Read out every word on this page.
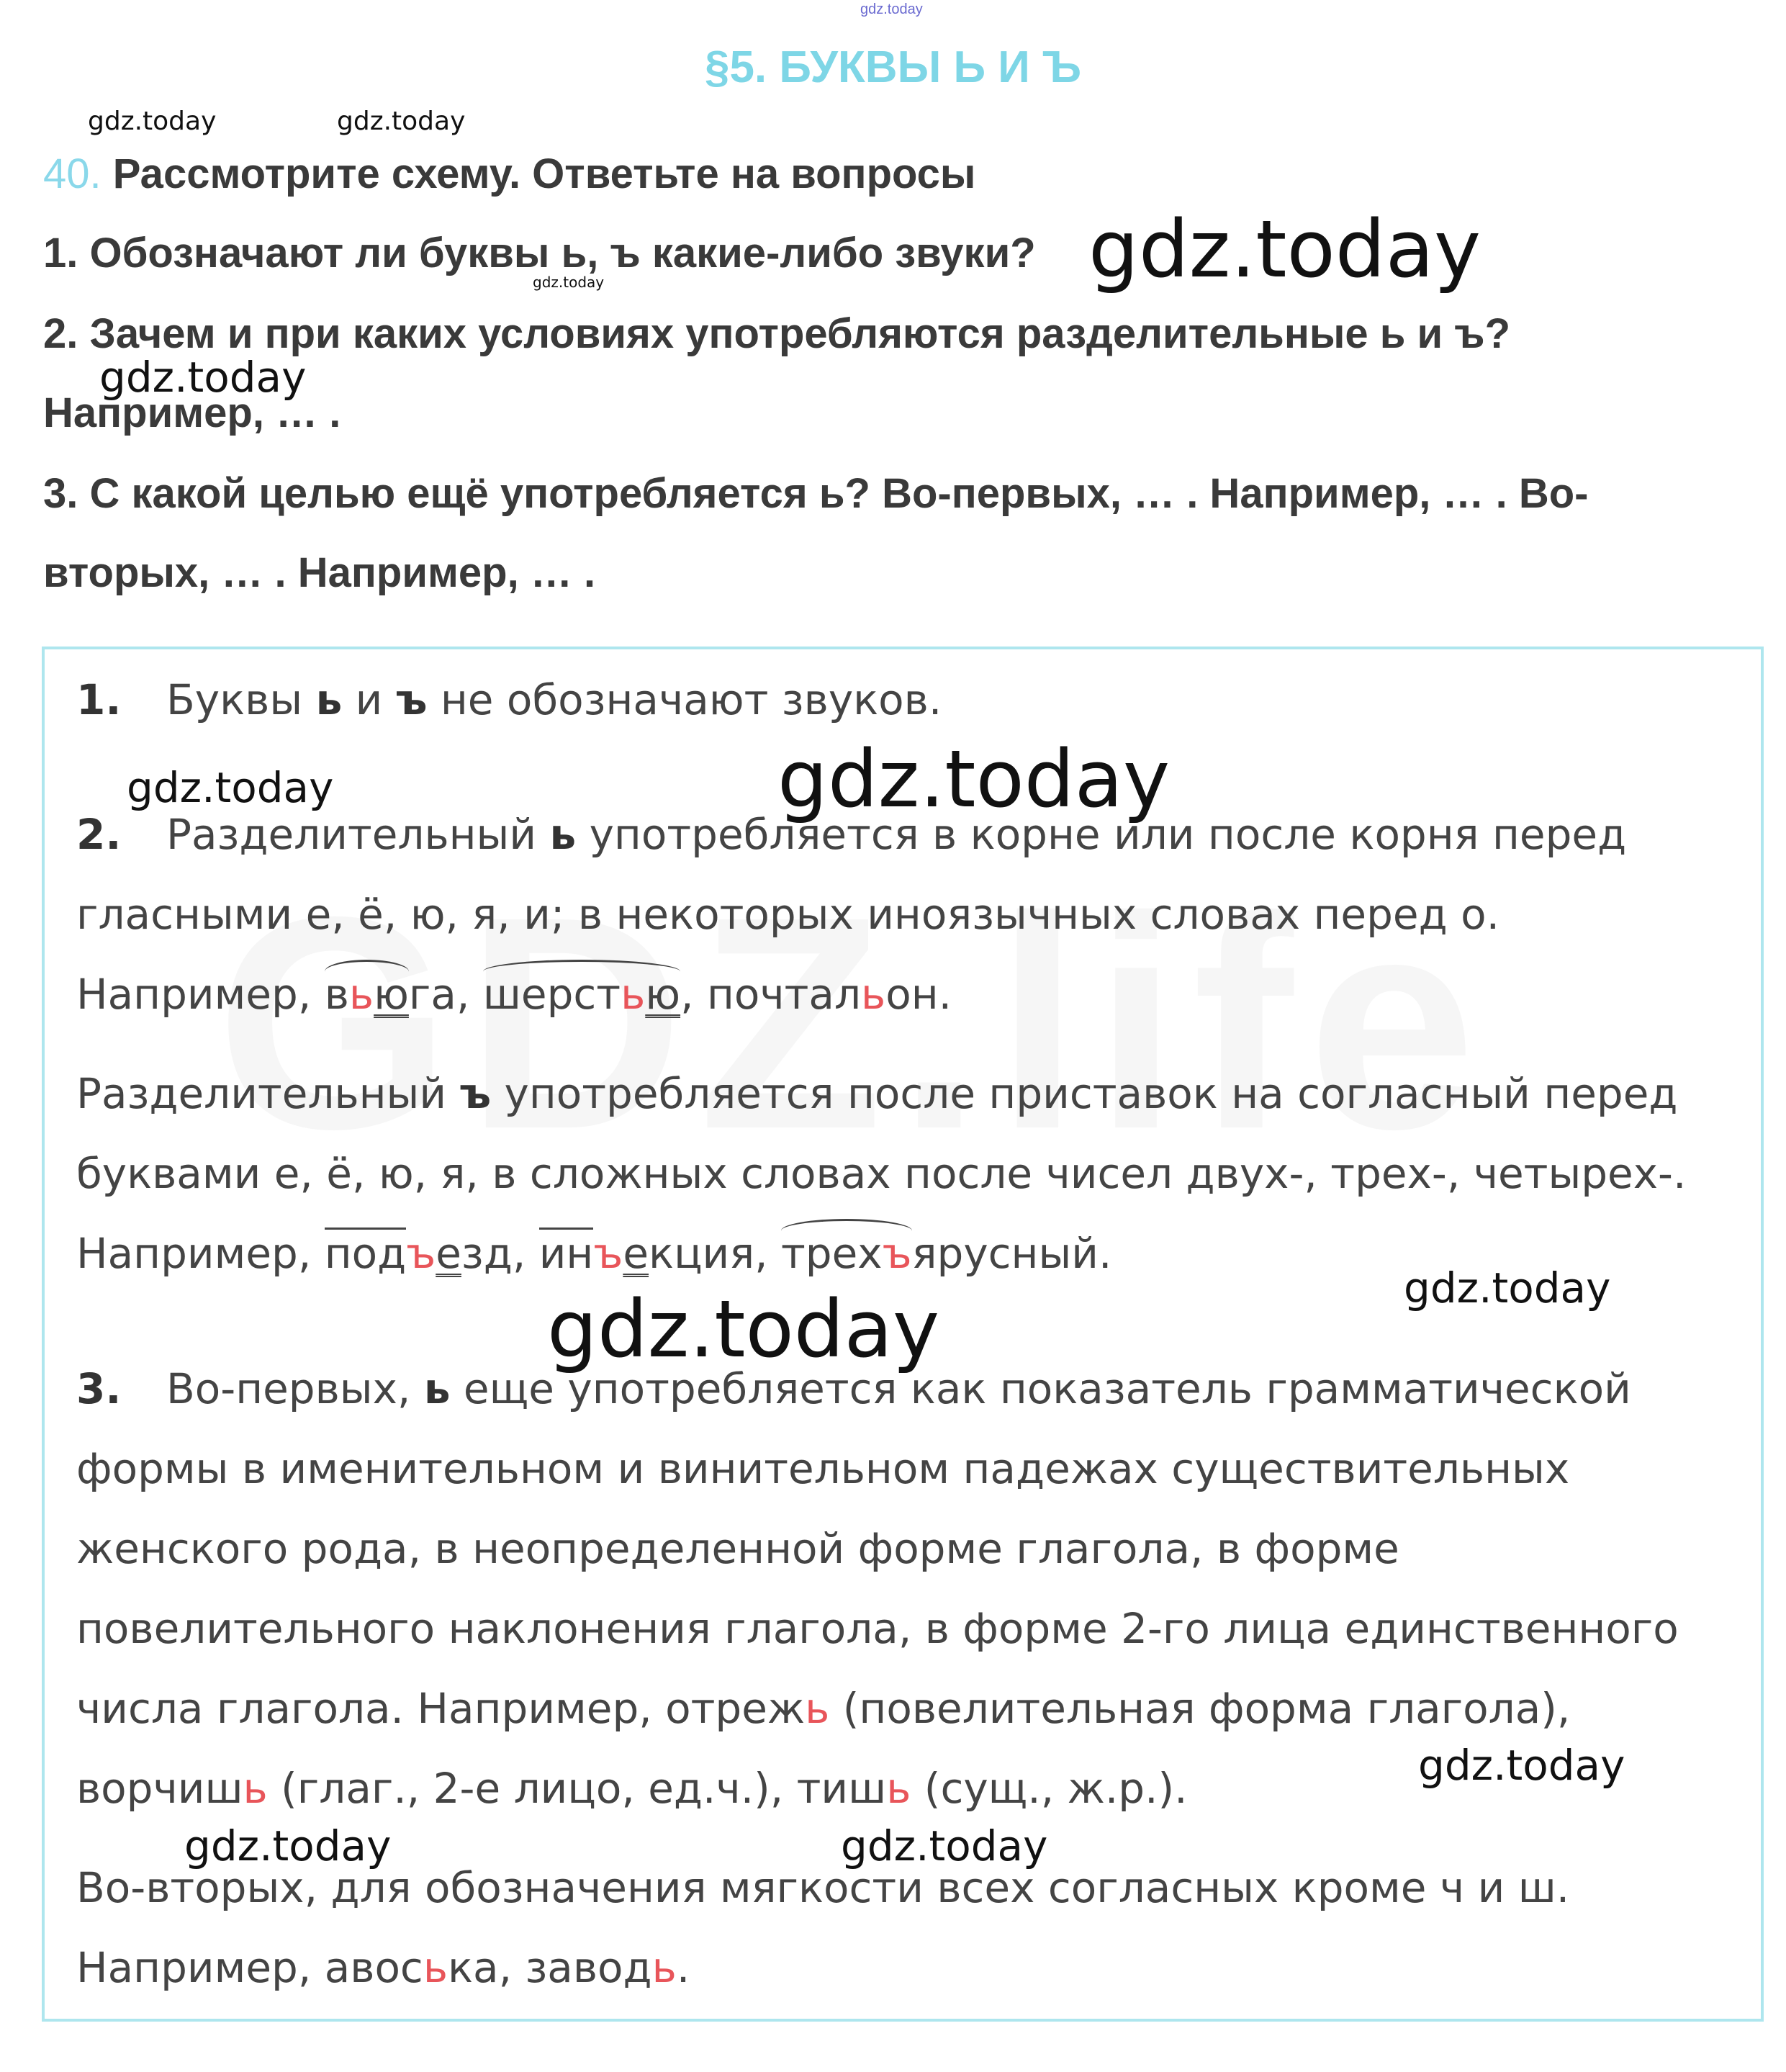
gdz.today
§5. БУКВЫ Ь И Ъ
40. Рассмотрите схему. Ответьте на вопросы
1. Обозначают ли буквы ь, ъ какие-либо звуки?
2. Зачем и при каких условиях употребляются разделительные ь и ъ?
Например, … .
3. С какой целью ещё употребляется ь? Во-первых, … . Например, … . Во-
вторых, … . Например, … .
1. Буквы ь и ъ не обозначают звуков.
2. Разделительный ь употребляется в корне или после корня перед
гласными е, ё, ю, я, и; в некоторых иноязычных словах перед о.
Например, вьюга, шерстью, почтальон.
Разделительный ъ употребляется после приставок на согласный перед
буквами е, ё, ю, я, в сложных словах после чисел двух-, трех-, четырех-.
Например, подъезд, инъекция, трехъярусный.
3. Во-первых, ь еще употребляется как показатель грамматической
формы в именительном и винительном падежах существительных
женского рода, в неопределенной форме глагола, в форме
повелительного наклонения глагола, в форме 2-го лица единственного
числа глагола. Например, отрежь (повелительная форма глагола),
ворчишь (глаг., 2-е лицо, ед.ч.), тишь (сущ., ж.р.).
Во-вторых, для обозначения мягкости всех согласных кроме ч и ш.
Например, авоська, заводь.
gdz.today	gdz.today
gdz.today
gdz.today
gdz.today
gdz.today	gdz.today
gdz.today
gdz.today
gdz.today
gdz.today	gdz.today
